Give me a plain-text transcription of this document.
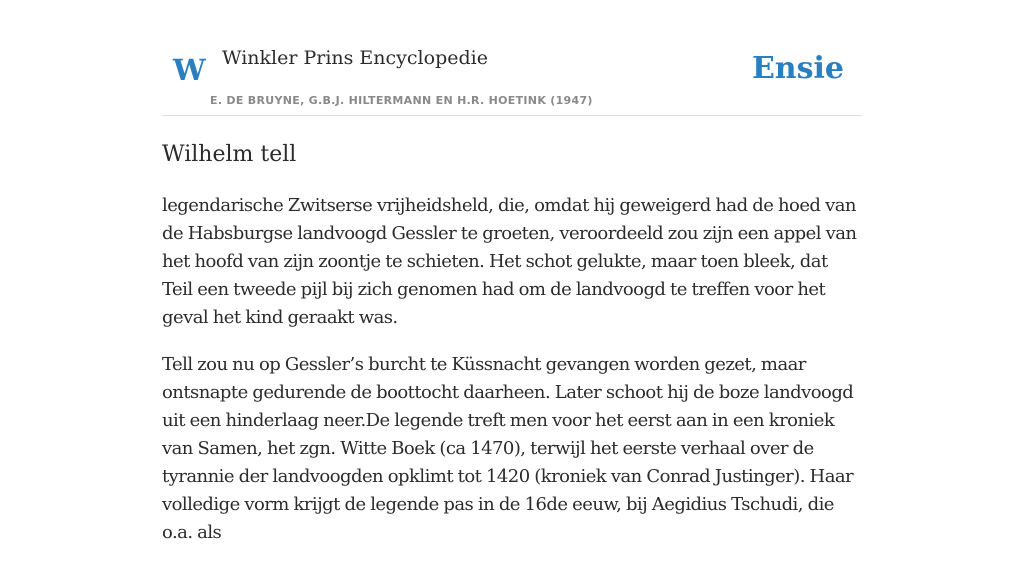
W Winkler Prins Encyclopedie
E. DE BRUYNE, G.B.J. HILTERMANN EN H.R. HOETINK (1947)
Ensie
Wilhelm tell

legendarische Zwitserse vrijheidsheld, die, omdat hij geweigerd had de hoed van de Habsburgse landvoogd Gessler te groeten, veroordeeld zou zijn een appel van het hoofd van zijn zoontje te schieten. Het schot gelukte, maar toen bleek, dat Teil een tweede pijl bij zich genomen had om de landvoogd te treffen voor het geval het kind geraakt was.

Tell zou nu op Gessler’s burcht te Küssnacht gevangen worden gezet, maar ontsnapte gedurende de boottocht daarheen. Later schoot hij de boze landvoogd uit een hinderlaag neer.De legende treft men voor het eerst aan in een kroniek van Samen, het zgn. Witte Boek (ca 1470), terwijl het eerste verhaal over de tyrannie der landvoogden opklimt tot 1420 (kroniek van Conrad Justinger). Haar volledige vorm krijgt de legende pas in de 16de eeuw, bij Aegidius Tschudi, die o.a. als
